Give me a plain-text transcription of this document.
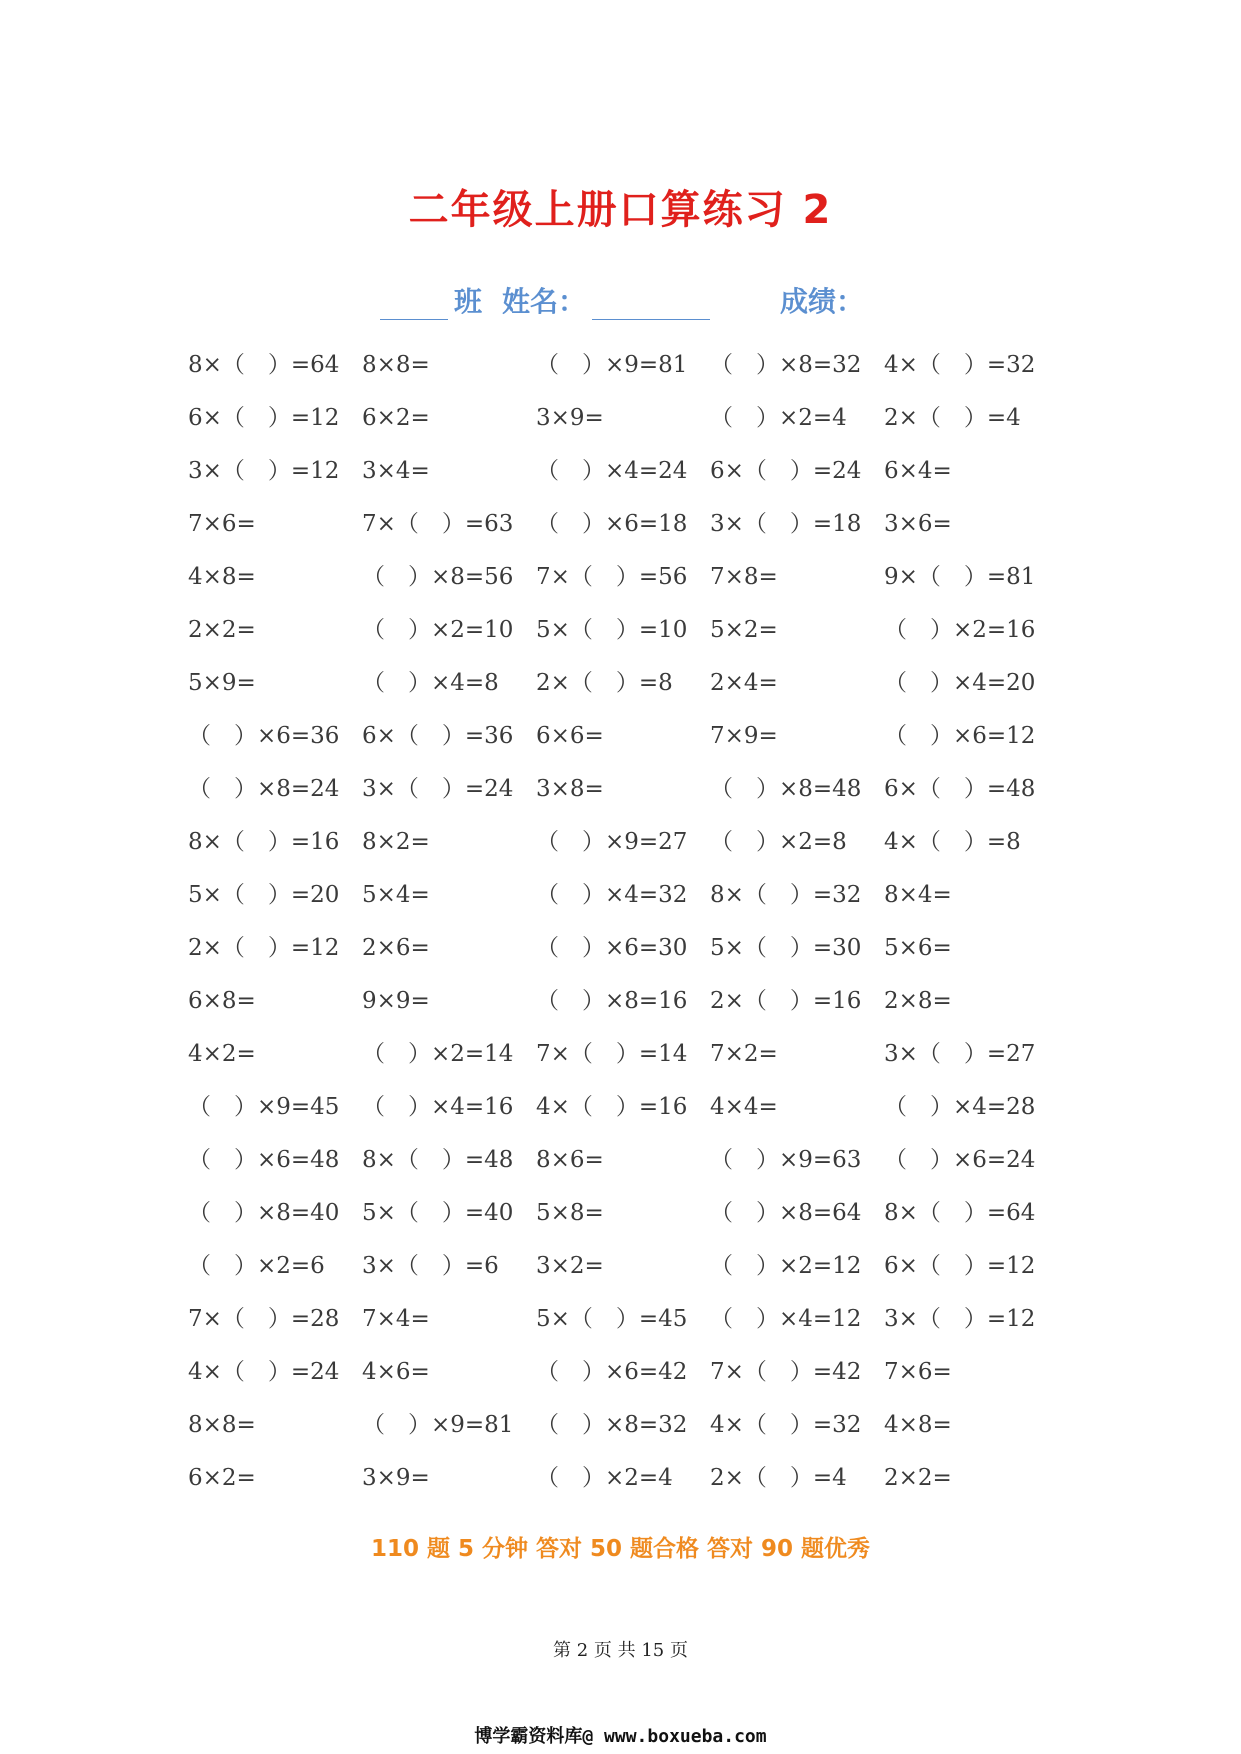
二年级上册口算练习 2
班 姓名：	成绩：
8×（　）=64 8×8=	（　）×9=81 （　）×8=32 4×（　）=32
6×（　）=12 6×2=	3×9=	（　）×2=4	2×（　）=4
3×（　）=12 3×4=	（　）×4=24 6×（　）=24 6×4=
7×6=	7×（　）=63 （　）×6=18 3×（　）=18 3×6=
4×8=	（　）×8=56 7×（　）=56 7×8=	9×（　）=81
2×2=	（　）×2=10 5×（　）=10 5×2=	（　）×2=16
5×9=	（　）×4=8	2×（　）=8	2×4=	（　）×4=20
（　）×6=36 6×（　）=36 6×6=	7×9=	（　）×6=12
（　）×8=24 3×（　）=24 3×8=	（　）×8=48 6×（　）=48
8×（　）=16 8×2=	（　）×9=27 （　）×2=8	4×（　）=8
5×（　）=20 5×4=	（　）×4=32 8×（　）=32 8×4=
2×（　）=12 2×6=	（　）×6=30 5×（　）=30 5×6=
6×8=	9×9=	（　）×8=16 2×（　）=16 2×8=
4×2=	（　）×2=14 7×（　）=14 7×2=	3×（　）=27
（　）×9=45 （　）×4=16 4×（　）=16 4×4=	（　）×4=28
（　）×6=48 8×（　）=48 8×6=	（　）×9=63 （　）×6=24
（　）×8=40 5×（　）=40 5×8=	（　）×8=64 8×（　）=64
（　）×2=6	3×（　）=6	3×2=	（　）×2=12 6×（　）=12
7×（　）=28 7×4=	5×（　）=45 （　）×4=12 3×（　）=12
4×（　）=24 4×6=	（　）×6=42 7×（　）=42 7×6=
8×8=	（　）×9=81 （　）×8=32 4×（　）=32 4×8=
6×2=	3×9=	（　）×2=4	2×（　）=4	2×2=
110 题 5 分钟 答对 50 题合格 答对 90 题优秀
第 2 页 共 15 页
博学霸资料库@ www.boxueba.com
